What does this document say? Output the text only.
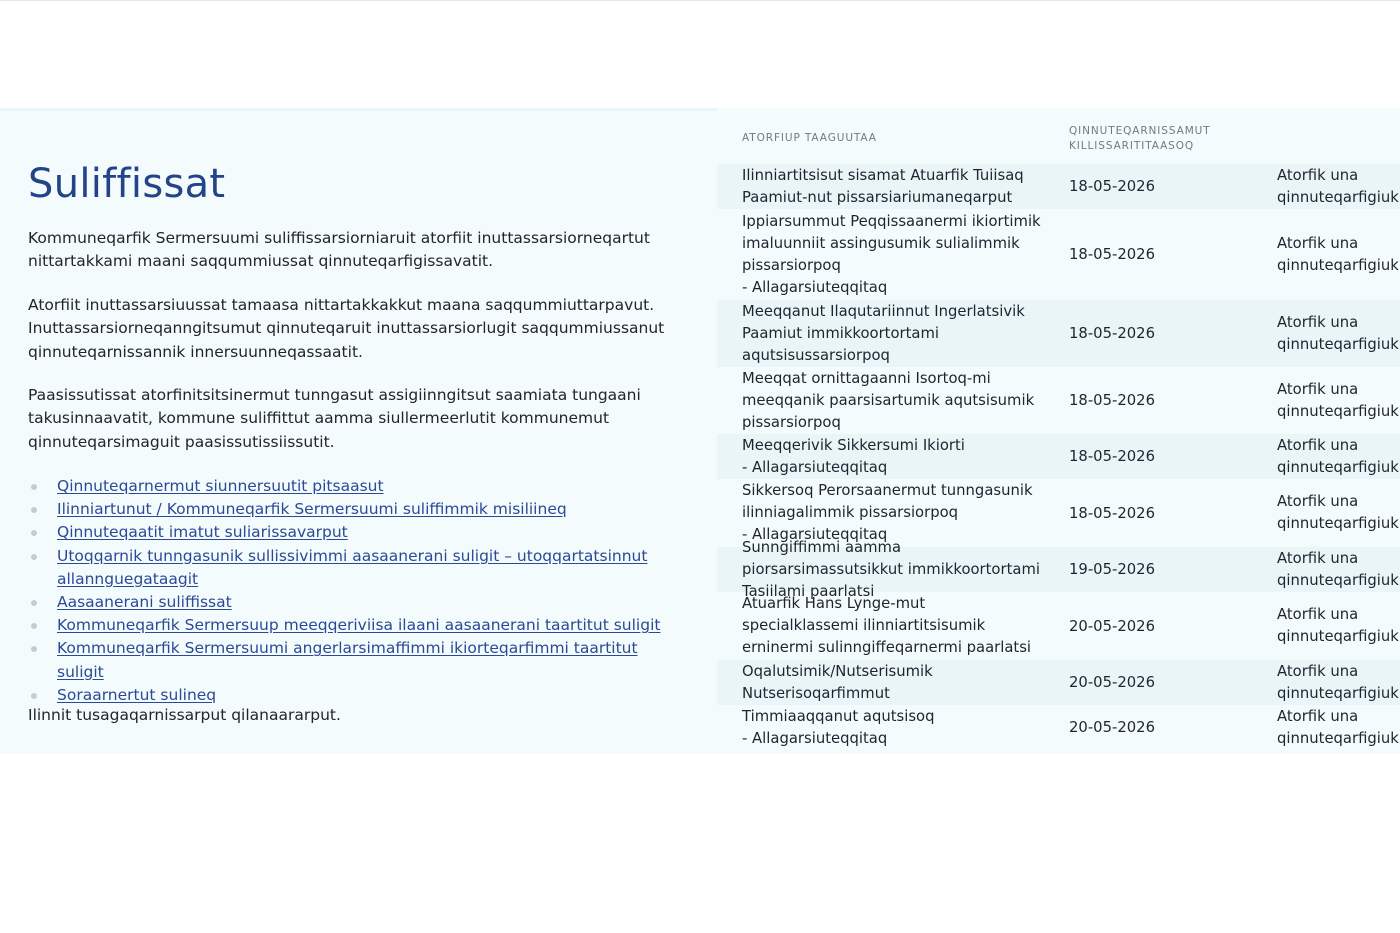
Suliffissat

Kommuneqarfik Sermersuumi suliffissarsiorniaruit atorfiit inuttassarsiorneqartut nittartakkami maani saqqummiussat qinnuteqarfigissavatit.

Atorfiit inuttassarsiuussat tamaasa nittartakkakkut maana saqqummiuttarpavut. Inuttassarsiorneqanngitsumut qinnuteqaruit inuttassarsiorlugit saqqummiussanut qinnuteqarnissannik innersuunneqassaatit.

Paasissutissat atorfinitsitsinermut tunngasut assigiinngitsut saamiata tungaani takusinnaavatit, kommune suliffittut aamma siullermeerlutit kommunemut qinnuteqarsimaguit paasissutissiissutit.

Qinnuteqarnermut siunnersuutit pitsaasut
Ilinniartunut / Kommuneqarfik Sermersuumi suliffimmik misiliineq
Qinnuteqaatit imatut suliarissavarput
Utoqqarnik tunngasunik sullissivimmi aasaanerani suligit – utoqqartatsinnut allannguegataagit
Aasaanerani suliffissat
Kommuneqarfik Sermersuup meeqqeriviisa ilaani aasaanerani taartitut suligit
Kommuneqarfik Sermersuumi angerlarsimaffimmi ikiorteqarfimmi taartitut suligit
Soraarnertut sulineq

Ilinnit tusagaqarnissarput qilanaararput.

ATORFIUP TAAGUUTAA
QINNUTEQARNISSAMUT KILLISSARITITAASOQ
Ilinniartitsisut sisamat Atuarfik Tuiisaq
Paamiut-nut pissarsiariumaneqarput
18-05-2026
Atorfik una qinnuteqarfigiuk
Ippiarsummut Peqqissaanermi ikiortimik imaluunniit assingusumik sulialimmik pissarsiorpoq
- Allagarsiuteqqitaq
18-05-2026
Atorfik una qinnuteqarfigiuk
Meeqqanut Ilaqutariinnut Ingerlatsivik Paamiut immikkoortortami aqutsisussarsiorpoq
18-05-2026
Atorfik una qinnuteqarfigiuk
Meeqqat ornittagaanni Isortoq-mi meeqqanik paarsisartumik aqutsisumik pissarsiorpoq
18-05-2026
Atorfik una qinnuteqarfigiuk
Meeqqerivik Sikkersumi Ikiorti
- Allagarsiuteqqitaq
18-05-2026
Atorfik una qinnuteqarfigiuk
Sikkersoq Perorsaanermut tunngasunik ilinniagalimmik pissarsiorpoq
- Allagarsiuteqqitaq
18-05-2026
Atorfik una qinnuteqarfigiuk
Sunngiffimmi aamma piorsarsimassutsikkut immikkoortortami Tasiilami paarlatsi
19-05-2026
Atorfik una qinnuteqarfigiuk
Atuarfik Hans Lynge-mut specialklassemi ilinniartitsisumik erninermi sulinngiffeqarnermi paarlatsi
20-05-2026
Atorfik una qinnuteqarfigiuk
Oqalutsimik/Nutserisumik
Nutserisoqarfimmut
20-05-2026
Atorfik una qinnuteqarfigiuk
Timmiaaqqanut aqutsisoq
- Allagarsiuteqqitaq
20-05-2026
Atorfik una qinnuteqarfigiuk
